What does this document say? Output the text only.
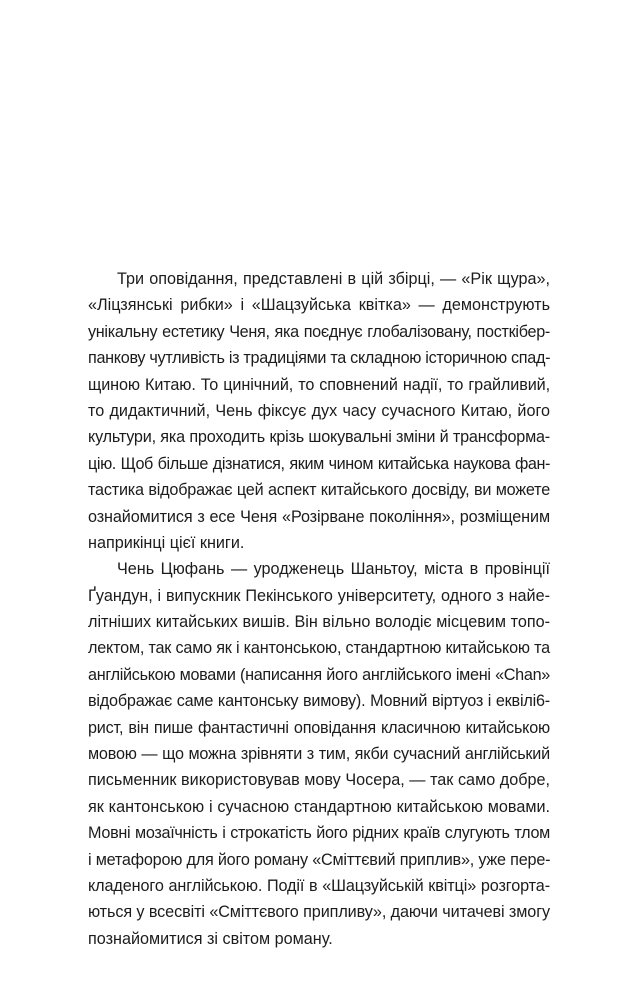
Три оповідання, представлені в цій збірці, — «Рік щура»,
«Ліцзянські рибки» і «Шацзуйська квітка» — демонструють
унікальну естетику Ченя, яка поєднує глобалізовану, посткібер-
панкову чутливість із традиціями та складною історичною спад-
щиною Китаю. То цинічний, то сповнений надії, то грайливий,
то дидактичний, Чень фіксує дух часу сучасного Китаю, його
культури, яка проходить крізь шокувальні зміни й трансформа-
цію. Щоб більше дізнатися, яким чином китайська наукова фан-
тастика відображає цей аспект китайського досвіду, ви можете
ознайомитися з есе Ченя «Розірване покоління», розміщеним
наприкінці цієї книги.
Чень Цюфань — уродженець Шаньтоу, міста в провінції
Ґуандун, і випускник Пекінського університету, одного з найе-
літніших китайських вишів. Він вільно володіє місцевим топо-
лектом, так само як і кантонською, стандартною китайською та
англійською мовами (написання його англійського імені «Chan»
відображає саме кантонську вимову). Мовний віртуоз і еквілі6-
рист, він пише фантастичні оповідання класичною китайською
мовою — що можна зрівняти з тим, якби сучасний англійський
письменник використовував мову Чосера, — так само добре,
як кантонською і сучасною стандартною китайською мовами.
Мовні мозаїчність і строкатість його рідних країв слугують тлом
і метафорою для його роману «Сміттєвий приплив», уже пере-
кладеного англійською. Події в «Шацзуйській квітці» розгорта-
ються у всесвіті «Сміттєвого припливу», даючи читачеві змогу
познайомитися зі світом роману.
